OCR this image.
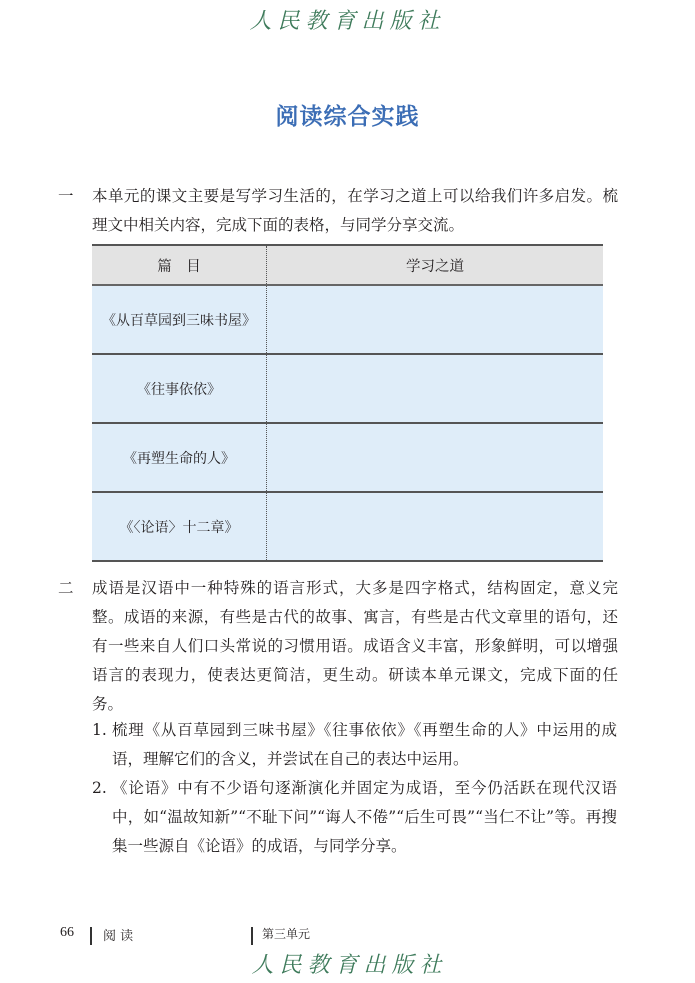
人民教育出版社
阅读综合实践
一	本单元的课文主要是写学习生活的，在学习之道上可以给我们许多启发。梳理文中相关内容，完成下面的表格，与同学分享交流。
篇　目	学习之道
《从百草园到三味书屋》	
《往事依依》	
《再塑生命的人》	
《〈论语〉十二章》	
二	成语是汉语中一种特殊的语言形式，大多是四字格式，结构固定，意义完整。成语的来源，有些是古代的故事、寓言，有些是古代文章里的语句，还有一些来自人们口头常说的习惯用语。成语含义丰富，形象鲜明，可以增强语言的表现力，使表达更简洁，更生动。研读本单元课文，完成下面的任务。
1. 梳理《从百草园到三味书屋》《往事依依》《再塑生命的人》中运用的成语，理解它们的含义，并尝试在自己的表达中运用。
2. 《论语》中有不少语句逐渐演化并固定为成语，至今仍活跃在现代汉语中，如“温故知新”“不耻下问”“诲人不倦”“后生可畏”“当仁不让”等。再搜集一些源自《论语》的成语，与同学分享。
66 阅 读	第三单元
人民教育出版社
